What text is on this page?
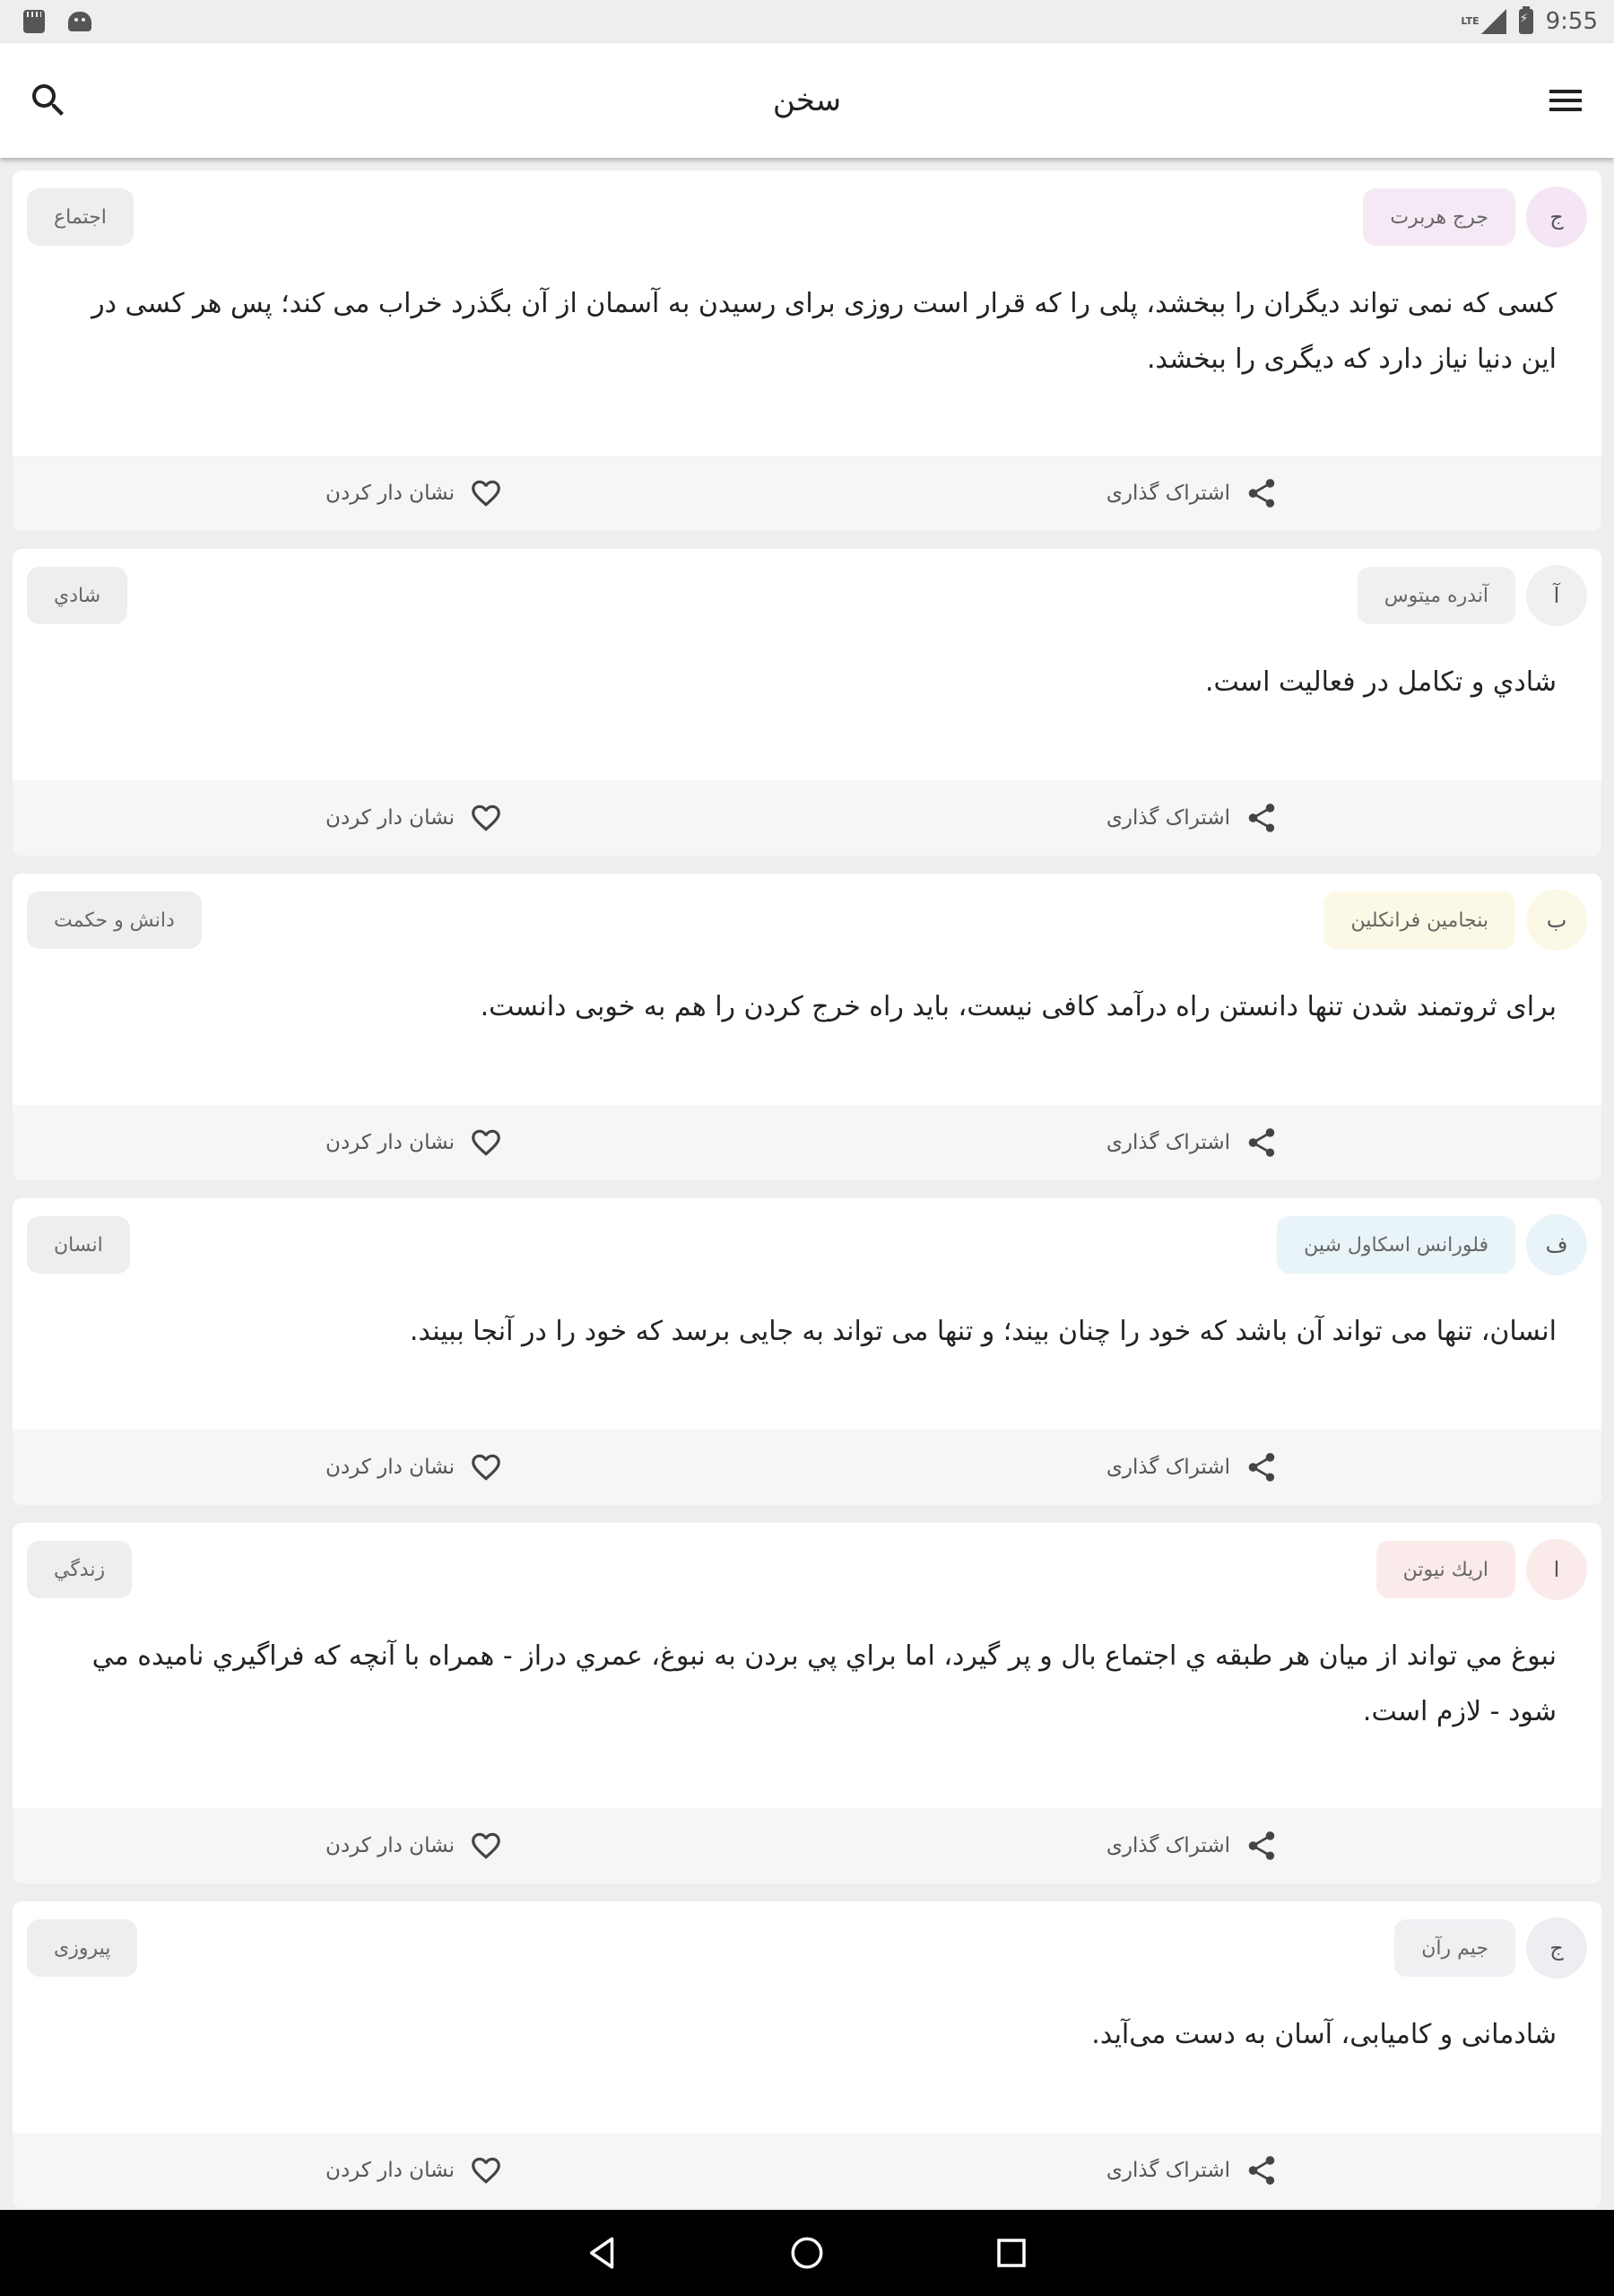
LTE
⚡	9:55
سخن
ج
جرج هربرت
اجتماع
کسی که نمی تواند دیگران را ببخشد، پلی را که قرار است روزی برای رسیدن به آسمان از آن بگذرد خراب می کند؛ پس هر کسی در این دنیا نیاز دارد که دیگری را ببخشد.
اشتراک گذاری
نشان دار کردن
آ
آندره میتوس
شادي
شادي و تكامل در فعاليت است.
اشتراک گذاری
نشان دار کردن
ب
بنجامین فرانکلین
دانش و حکمت
برای ثروتمند شدن تنها دانستن راه درآمد کافی نیست، باید راه خرج کردن را هم به خوبی دانست.
اشتراک گذاری
نشان دار کردن
ف
فلورانس اسکاول شین
انسان
انسان، تنها می تواند آن باشد که خود را چنان بیند؛ و تنها می تواند به جایی برسد که خود را در آنجا ببیند.
اشتراک گذاری
نشان دار کردن
ا
اريك نيوتن
زندگي
نبوغ مي تواند از ميان هر طبقه ي اجتماع بال و پر گيرد، اما براي پي بردن به نبوغ، عمري دراز - همراه با آنچه كه فراگيري ناميده مي شود - لازم است.
اشتراک گذاری
نشان دار کردن
ج
جیم رآن
پیروزی
شادمانی و کامیابی، آسان به دست می‌آید.
اشتراک گذاری
نشان دار کردن
